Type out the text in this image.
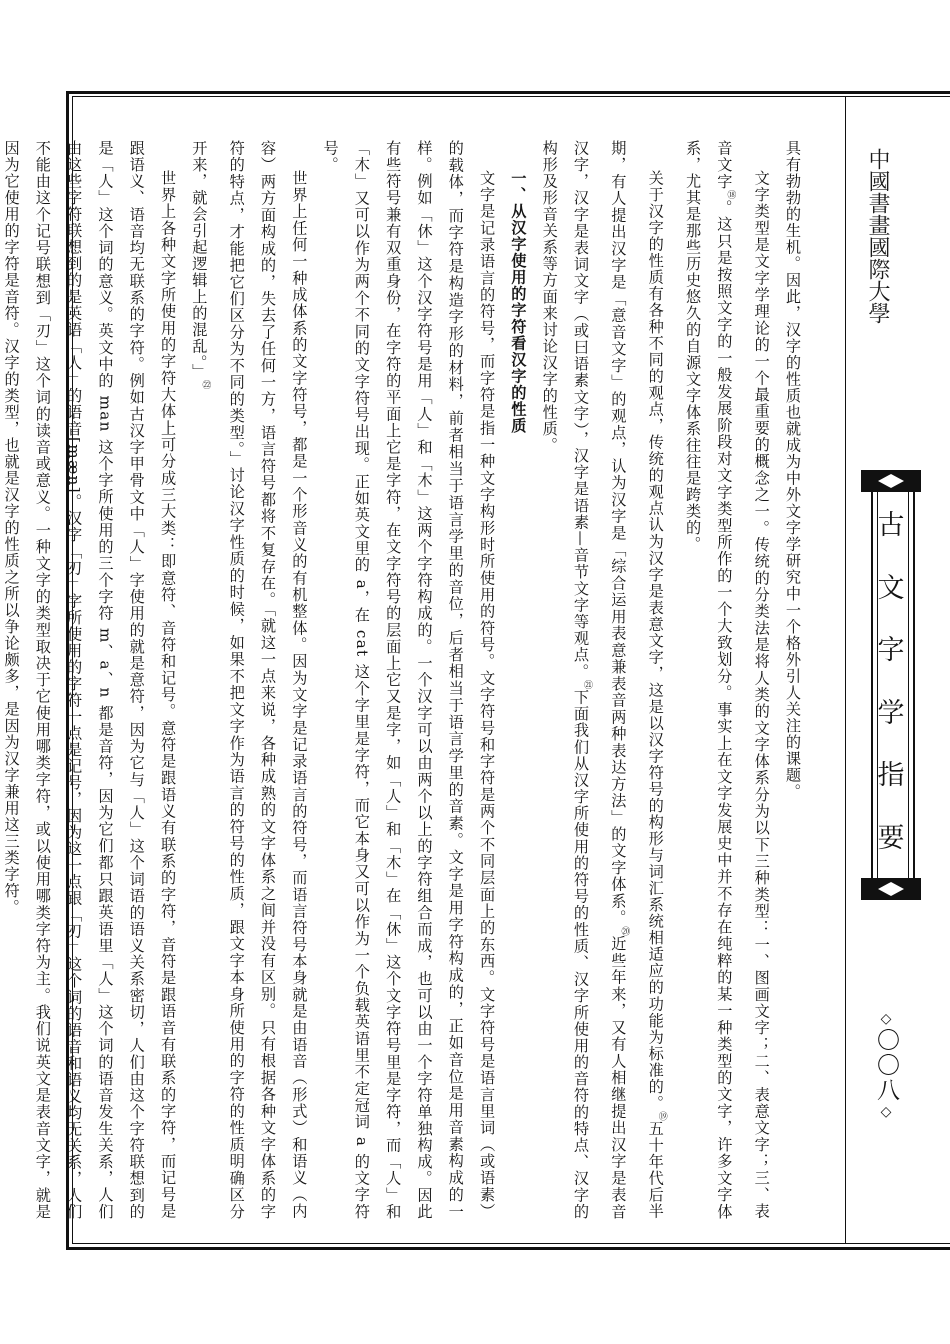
中國書畫國際大學
古
文
字
学
指
要
◇
〇〇八
◇

具有勃勃的生机。因此，汉字的性质也就成为中外文字学研究中一个格外引人关注的课题。

文字类型是文字学理论的一个最重要的概念之一。传统的分类法是将人类的文字体系分为以下三种类型：一、图画文字；二、表意文字；三、表音文字⑱。这只是按照文字的一般发展阶段对文字类型所作的一个大致划分。事实上在文字发展史中并不存在纯粹的某一种类型的文字，许多文字体系，尤其是那些历史悠久的自源文字体系往往是跨类的。

关于汉字的性质有各种不同的观点，传统的观点认为汉字是表意文字，这是以汉字符号的构形与词汇系统相适应的功能为标准的。⑲五十年代后半期，有人提出汉字是「意音文字」的观点，认为汉字是「综合运用表意兼表音两种表达方法」的文字体系。⑳近些年来，又有人相继提出汉字是表音汉字，汉字是表词文字（或曰语素文字），汉字是语素—音节文字等观点。$^㉑$下面我们从汉字所使用的符号的性质、汉字所使用的音符的特点、汉字的构形及形音关系等方面来讨论汉字的性质。

一、从汉字使用的字符看汉字的性质

文字是记录语言的符号，而字符是指一种文字构形时所使用的符号。文字符号和字符是两个不同层面上的东西。文字符号是语言里词（或语素）的载体，而字符是构造字形的材料，前者相当于语言学里的音位，后者相当于语言学里的音素。文字是用字符构成的，正如音位是用音素构成的一样。例如「休」这个汉字符号是用「人」和「木」这两个字符构成的。一个汉字可以由两个以上的字符组合而成，也可以由一个字符单独构成。因此有些符号兼有双重身份，在字符的平面上它是字符，在文字符号的层面上它又是字，如「人」和「木」在「休」这个文字符号里是字符，而「人」和「木」又可以作为两个不同的文字符号出现。正如英文里的 a，在 cat 这个字里是字符，而它本身又可以作为一个负载英语里不定冠词 a 的文字符号。

世界上任何一种成体系的文字符号，都是一个形音义的有机整体。因为文字是记录语言的符号，而语言符号本身就是由语音（形式）和语义（内容）两方面构成的，失去了任何一方，语言符号都将不复存在。「就这一点来说，各种成熟的文字体系之间并没有区别。只有根据各种文字体系的字符的特点，才能把它们区分为不同的类型。」讨论汉字性质的时候，如果不把文字作为语言的符号的性质，跟文字本身所使用的字符的性质明确区分开来，就会引起逻辑上的混乱。」$^㉒$

世界上各种文字所使用的字符大体上可分成三大类：即意符、音符和记号。意符是跟语义有联系的字符，音符是跟语音有联系的字符，而记号是跟语义、语音均无联系的字符。例如古汉字甲骨文中「人」字使用的就是意符，因为它与「人」这个词语的语义关系密切，人们由这个字符联想到的是「人」这个词的意义。英文中的 man 这个字所使用的三个字符 m、a、n 都是音符，因为它们都只跟英语里「人」这个词的语音发生关系，人们由这些字符联想到的是英语「人」的语音[mæn]。汉字「刃」字所使用的字符一点是记号，因为这一点跟「刃」这个词的语音和语义均无关系，人们不能由这个记号联想到「刃」这个词的读音或意义。一种文字的类型取决于它使用哪类字符，或以使用哪类字符为主。我们说英文是表音文字，就是因为它使用的字符是音符。汉字的类型，也就是汉字的性质之所以争论颇多，是因为汉字兼用这三类字符。
